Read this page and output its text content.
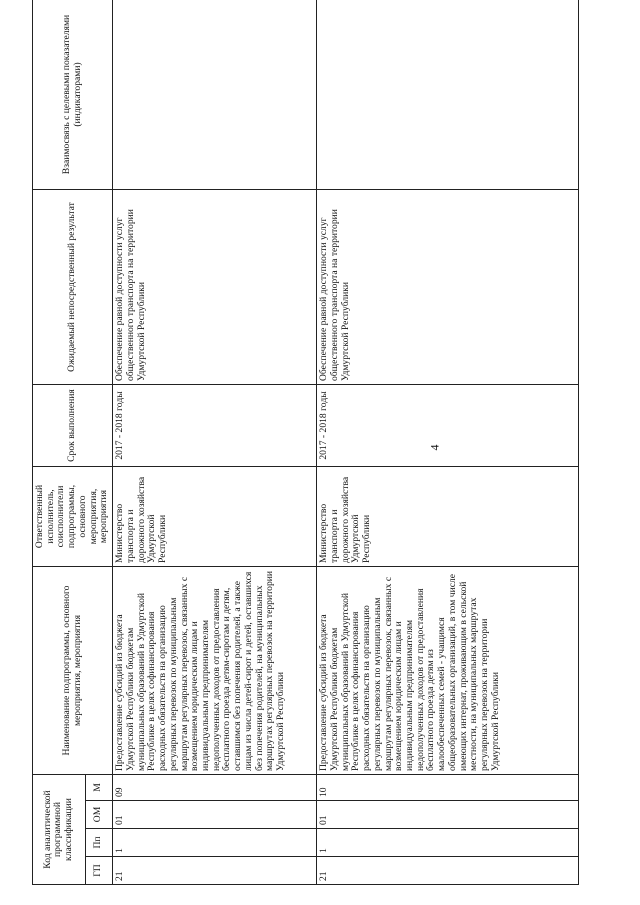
4
Код аналитической программной классификации				Наименование подпрограммы, основного мероприятия, мероприятия	Ответственный исполнитель, соисполнители подпрограммы, основного мероприятия, мероприятия	Срок выполнения	Ожидаемый непосредственный результат	Взаимосвязь с целевыми показателями (индикаторами)
ГП	Пп	ОМ	М					
21	1	01	09	Предоставление субсидий из бюджета Удмуртской Республики бюджетам муниципальных образований в Удмуртской Республике в целях софинансирования расходных обязательств на организацию регулярных перевозок по муниципальным маршрутам регулярных перевозок, связанных с возмещением юридическим лицам и индивидуальным предпринимателям недополученных доходов от предоставления бесплатного проезда детям-сиротам и детям, оставшимся без попечения родителей, а также лицам из числа детей-сирот и детей, оставшихся без попечения родителей, на муниципальных маршрутах регулярных перевозок на территории Удмуртской Республики	Министерство транспорта и дорожного хозяйства Удмуртской Республики	2017 - 2018 годы	Обеспечение равной доступности услуг общественного транспорта на территории Удмуртской Республики	
21	1	01	10	Предоставление субсидий из бюджета Удмуртской Республики бюджетам муниципальных образований в Удмуртской Республике в целях софинансирования расходных обязательств на организацию регулярных перевозок по муниципальным маршрутам регулярных перевозок, связанных с возмещением юридическим лицам и индивидуальным предпринимателям недополученных доходов от предоставления бесплатного проезда детям из малообеспеченных семей - учащимся общеобразовательных организаций, в том числе имеющих интернат, проживающим в сельской местности, на муниципальных маршрутах регулярных перевозок на территории Удмуртской Республики	Министерство транспорта и дорожного хозяйства Удмуртской Республики	2017 - 2018 годы	Обеспечение равной доступности услуг общественного транспорта на территории Удмуртской Республики	
